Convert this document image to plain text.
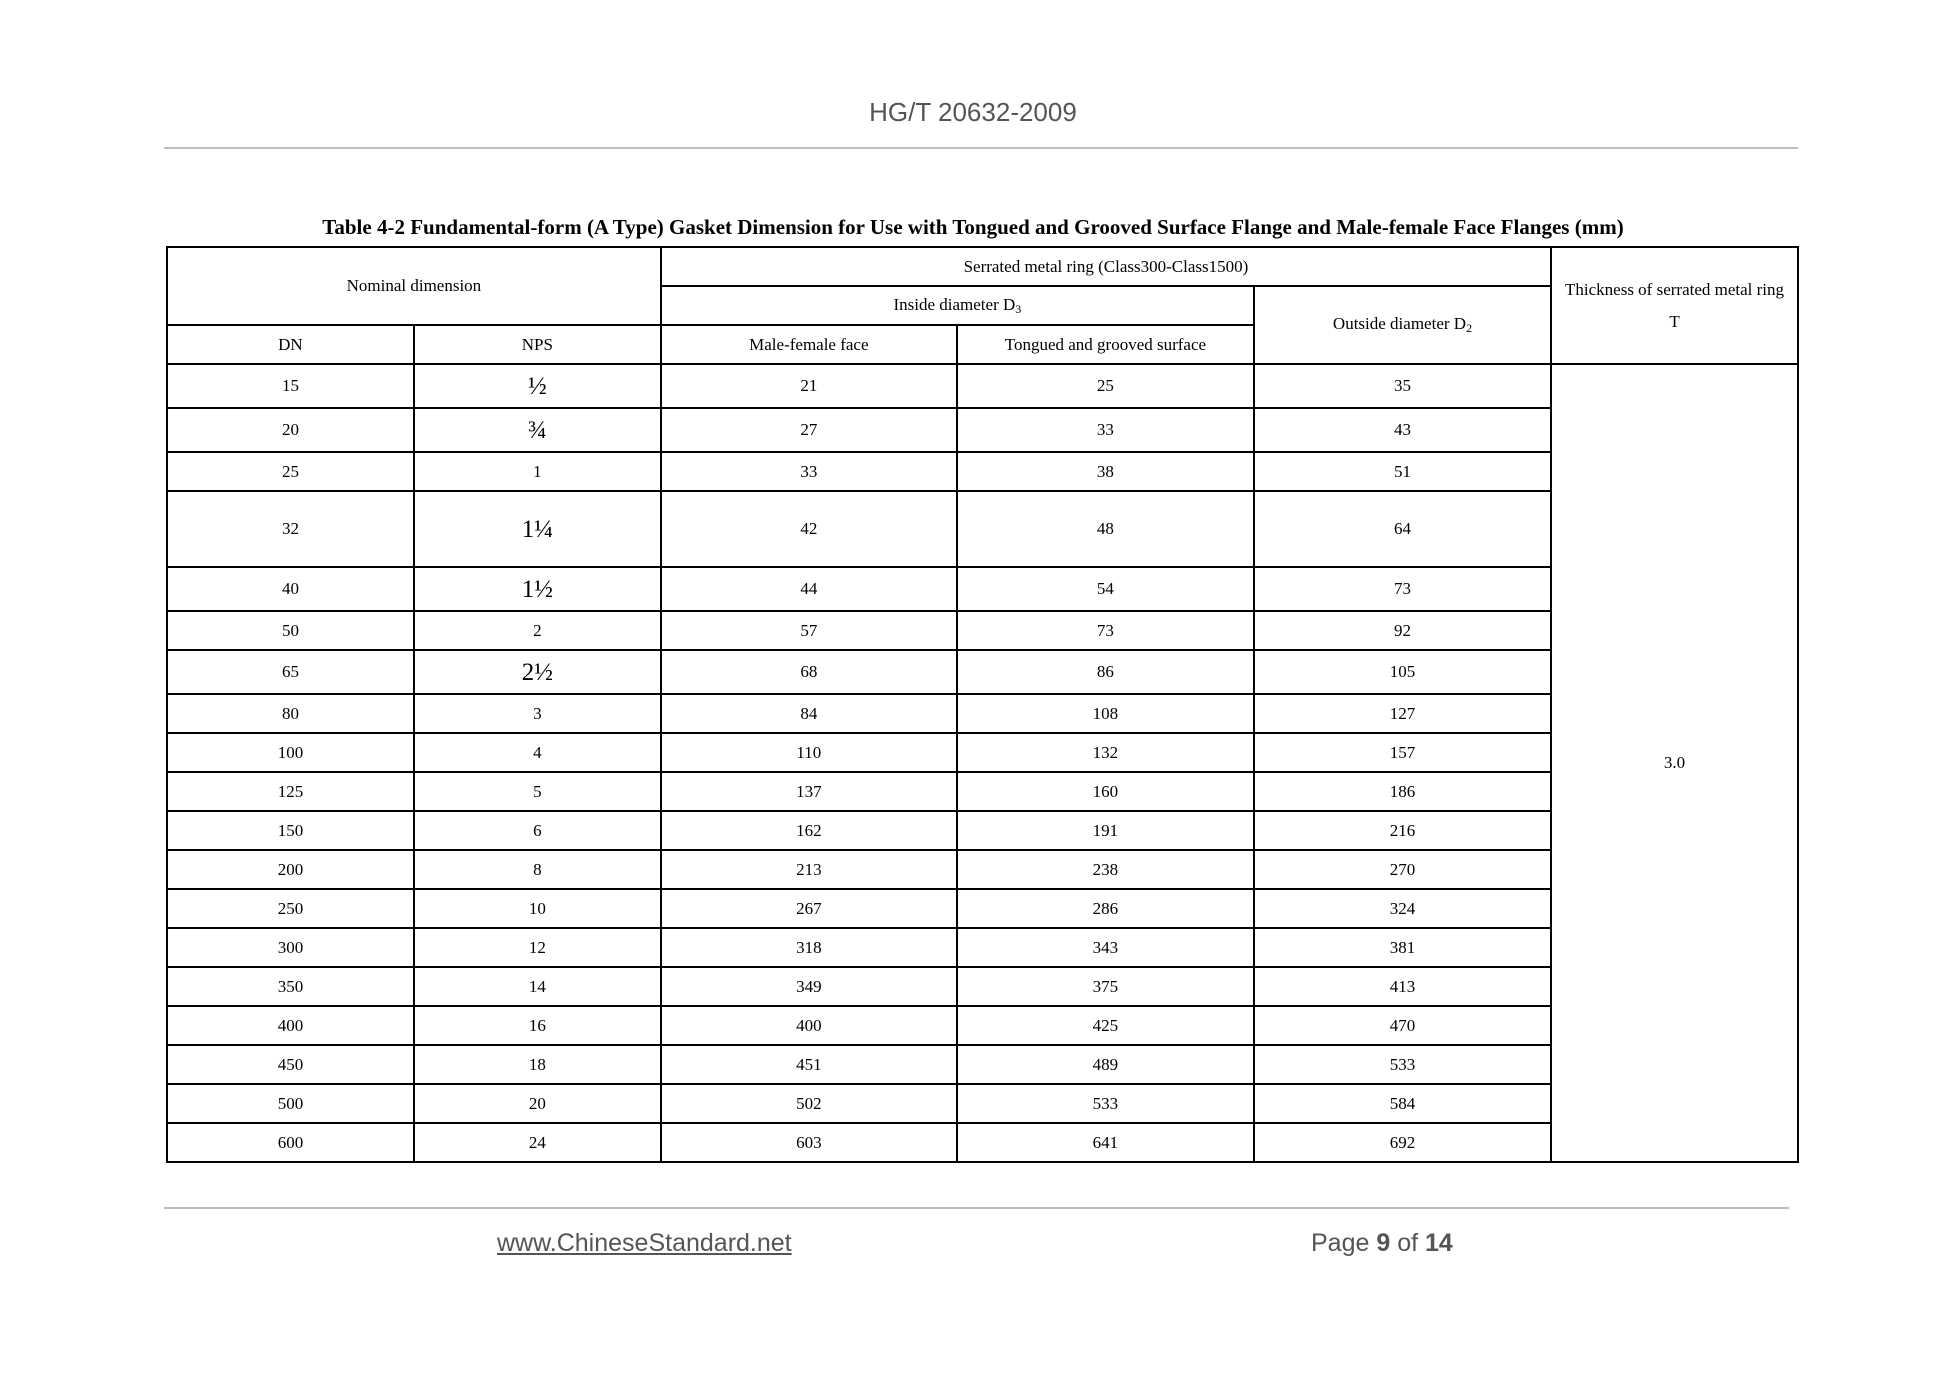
HG/T 20632-2009
Table 4-2 Fundamental-form (A Type) Gasket Dimension for Use with Tongued and Grooved Surface Flange and Male-female Face Flanges (mm)
Nominal dimension		Serrated metal ring (Class300-Class1500)			Thickness of serrated metal ring
T

		Inside diameter $D_3$		Outside diameter $D_2$
DN	NPS	Male-female face	Tongued and grooved surface		
15	½	21	25	35	3.0
20	¾	27	33	43	
25	1	33	38	51	
32	1¼	42	48	64	
40	1½	44	54	73	
50	2	57	73	92	
65	2½	68	86	105	
80	3	84	108	127	
100	4	110	132	157	
125	5	137	160	186	
150	6	162	191	216	
200	8	213	238	270	
250	10	267	286	324	
300	12	318	343	381	
350	14	349	375	413	
400	16	400	425	470	
450	18	451	489	533	
500	20	502	533	584	
600	24	603	641	692	
www.ChineseStandard.net	Page 9 of 14
